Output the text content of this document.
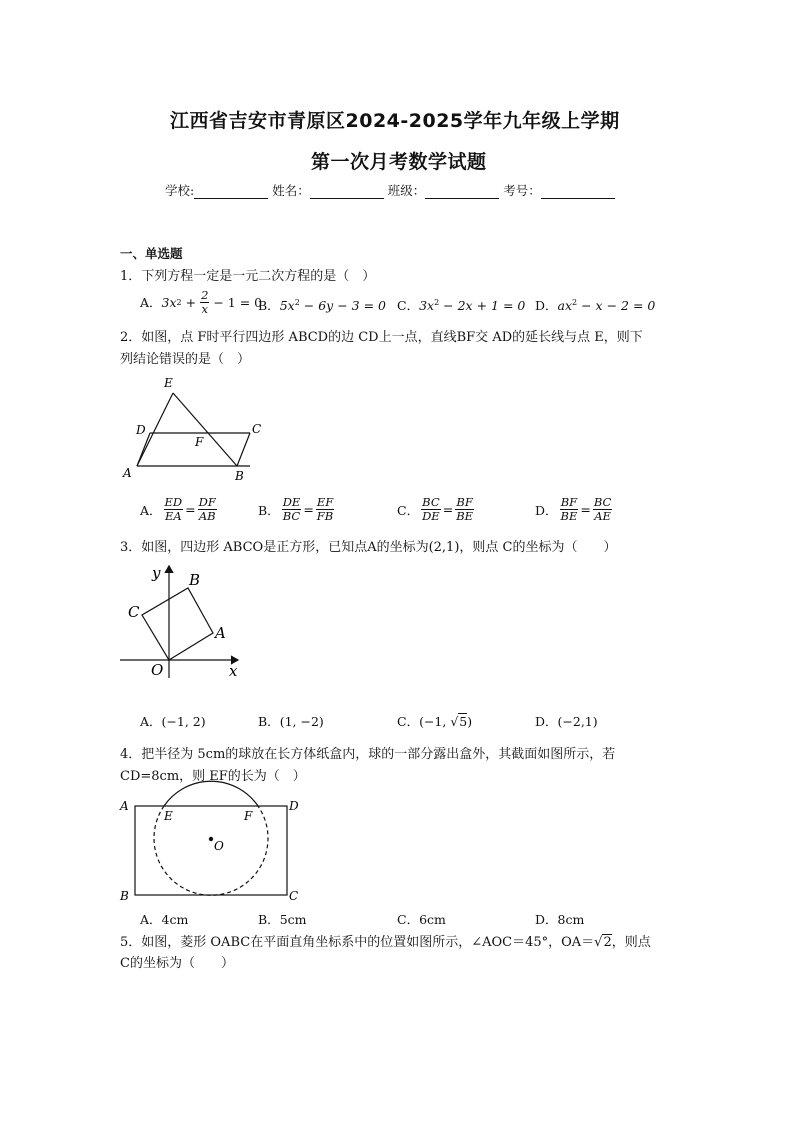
江西省吉安市青原区2024-2025学年九年级上学期
第一次月考数学试题
学校:	姓名：	班级：	考号：
一、单选题
1．下列方程一定是一元二次方程的是（　）
A． 3x $2 + \frac{2}{x} - 1 = 0$
B．$5x^2 - 6y - 3 = 0$ C．$3x^2 - 2x + 1 = 0$ D．$ax^2 - x - 2 = 0$
2．如图，点 F时平行四边形 ABCD的边 CD上一点，直线BF交 AD的延长线与点 E，则下
列结论错误的是（　）
E
D
F
C
A	B
A． $\frac{ED}{EA} = \frac{DF}{AB}$	B． $\frac{DE}{BC} = \frac{EF}{FB}$	C． $\frac{BC}{DE} = \frac{BF}{BE}$	D． $\frac{BF}{BE} = \frac{BC}{AE}$
3．如图，四边形 ABCO是正方形，已知点A的坐标为(2,1)，则点 C的坐标为（　　）
y B
C
A
O	x
A．(−1, 2)	B．(1, −2)	C．(−1, √5)	D．(−2,1)
4．把半径为 5cm的球放在长方体纸盒内，球的一部分露出盒外，其截面如图所示，若
CD=8cm，则 EF的长为（　）
A
E	F
D
O
B	C
A．4cm	B．5cm	C．6cm	D．8cm
5．如图，菱形 OABC在平面直角坐标系中的位置如图所示，∠AOC＝45°，OA＝√2，则点
C的坐标为（　　）
